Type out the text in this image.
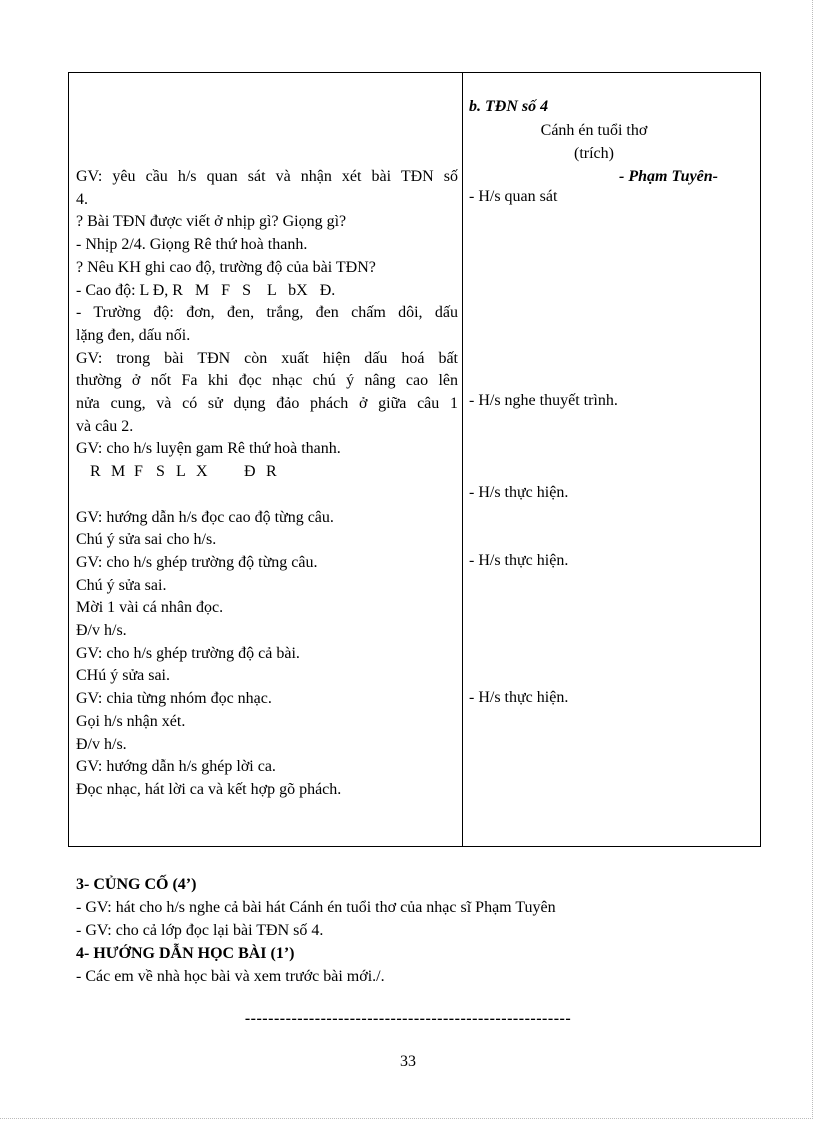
GV: yêu cầu h/s quan sát và nhận xét bài TĐN số
4.
? Bài TĐN được viết ở nhịp gì? Giọng gì?
- Nhịp 2/4. Giọng Rê thứ hoà thanh.
? Nêu KH ghi cao độ, trường độ của bài TĐN?
- Cao độ: L Đ, R   M   F   S    L   bX   Đ.
- Trường độ: đơn, đen, trắng, đen chấm dôi, dấu
lặng đen, dấu nối.
GV: trong bài TĐN còn xuất hiện dấu hoá bất
thường ở nốt Fa khi đọc nhạc chú ý nâng cao lên
nửa cung, và có sử dụng đảo phách ở giữa câu 1
và câu 2.
GV: cho h/s luyện gam Rê thứ hoà thanh.
R M F S L X Đ R
GV: hướng dẫn h/s đọc cao độ từng câu.
Chú ý sửa sai cho h/s.
GV: cho h/s ghép trường độ từng câu.
Chú ý sửa sai.
Mời 1 vài cá nhân đọc.
Đ/v h/s.
GV: cho h/s ghép trường độ cả bài.
CHú ý sửa sai.
GV: chia từng nhóm đọc nhạc.
Gọi h/s nhận xét.
Đ/v h/s.
GV: hướng dẫn h/s ghép lời ca.
Đọc nhạc, hát lời ca và kết hợp gõ phách.
b. TĐN số 4
Cánh én tuổi thơ
(trích)
- Phạm Tuyên-
- H/s quan sát
- H/s nghe thuyết trình.
- H/s thực hiện.
- H/s thực hiện.
- H/s thực hiện.
3- CỦNG CỐ (4’)
- GV: hát cho h/s nghe cả bài hát Cánh én tuổi thơ của nhạc sĩ Phạm Tuyên
- GV: cho cả lớp đọc lại bài TĐN số 4.
4- HƯỚNG DẪN HỌC BÀI (1’)
- Các em về nhà học bài và xem trước bài mới./.
--------------------------------------------------------
33
